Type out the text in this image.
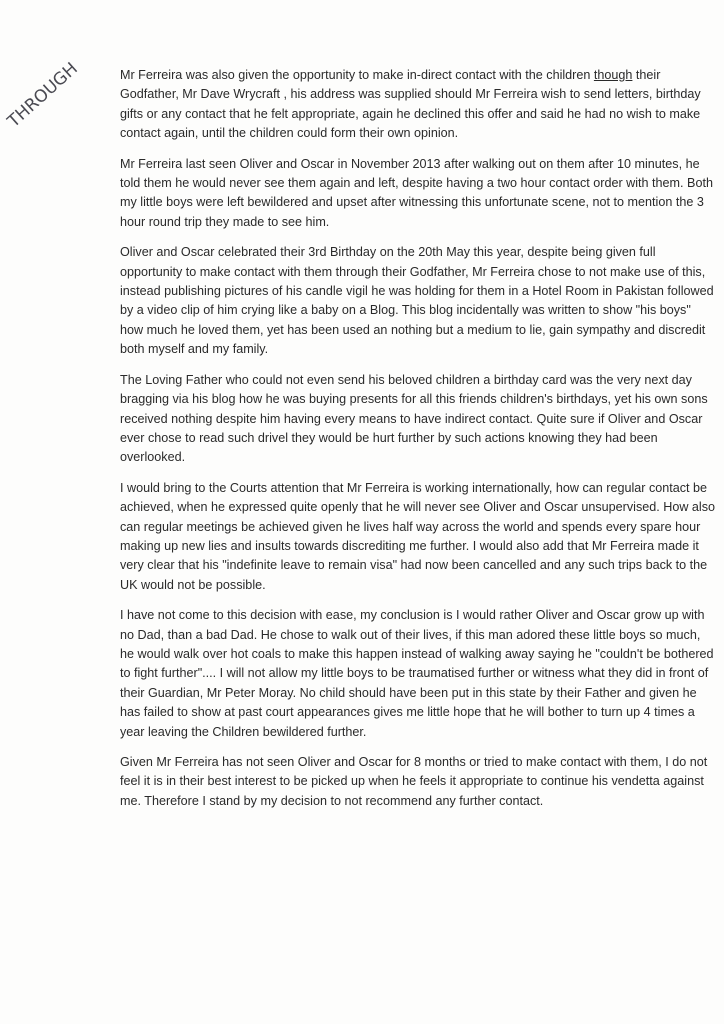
THROUGH	Mr Ferreira was also given the opportunity to make in-direct contact with the children though their Godfather, Mr Dave Wrycraft , his address was supplied should Mr Ferreira wish to send letters, birthday gifts or any contact that he felt appropriate, again he declined this offer and said he had no wish to make contact again, until the children could form their own opinion.

Mr Ferreira last seen Oliver and Oscar in November 2013 after walking out on them after 10 minutes, he told them he would never see them again and left, despite having a two hour contact order with them. Both my little boys were left bewildered and upset after witnessing this unfortunate scene, not to mention the 3 hour round trip they made to see him.

Oliver and Oscar celebrated their 3rd Birthday on the 20th May this year, despite being given full opportunity to make contact with them through their Godfather, Mr Ferreira chose to not make use of this, instead publishing pictures of his candle vigil he was holding for them in a Hotel Room in Pakistan followed by a video clip of him crying like a baby on a Blog. This blog incidentally was written to show "his boys" how much he loved them, yet has been used an nothing but a medium to lie, gain sympathy and discredit both myself and my family.

The Loving Father who could not even send his beloved children a birthday card was the very next day bragging via his blog how he was buying presents for all this friends children's birthdays, yet his own sons received nothing despite him having every means to have indirect contact. Quite sure if Oliver and Oscar ever chose to read such drivel they would be hurt further by such actions knowing they had been overlooked.

I would bring to the Courts attention that Mr Ferreira is working internationally, how can regular contact be achieved, when he expressed quite openly that he will never see Oliver and Oscar unsupervised. How also can regular meetings be achieved given he lives half way across the world and spends every spare hour making up new lies and insults towards discrediting me further. I would also add that Mr Ferreira made it very clear that his "indefinite leave to remain visa" had now been cancelled and any such trips back to the UK would not be possible.

I have not come to this decision with ease, my conclusion is I would rather Oliver and Oscar grow up with no Dad, than a bad Dad. He chose to walk out of their lives, if this man adored these little boys so much, he would walk over hot coals to make this happen instead of walking away saying he "couldn't be bothered to fight further".... I will not allow my little boys to be traumatised further or witness what they did in front of their Guardian, Mr Peter Moray. No child should have been put in this state by their Father and given he has failed to show at past court appearances gives me little hope that he will bother to turn up 4 times a year leaving the Children bewildered further.

Given Mr Ferreira has not seen Oliver and Oscar for 8 months or tried to make contact with them, I do not feel it is in their best interest to be picked up when he feels it appropriate to continue his vendetta against me. Therefore I stand by my decision to not recommend any further contact.
